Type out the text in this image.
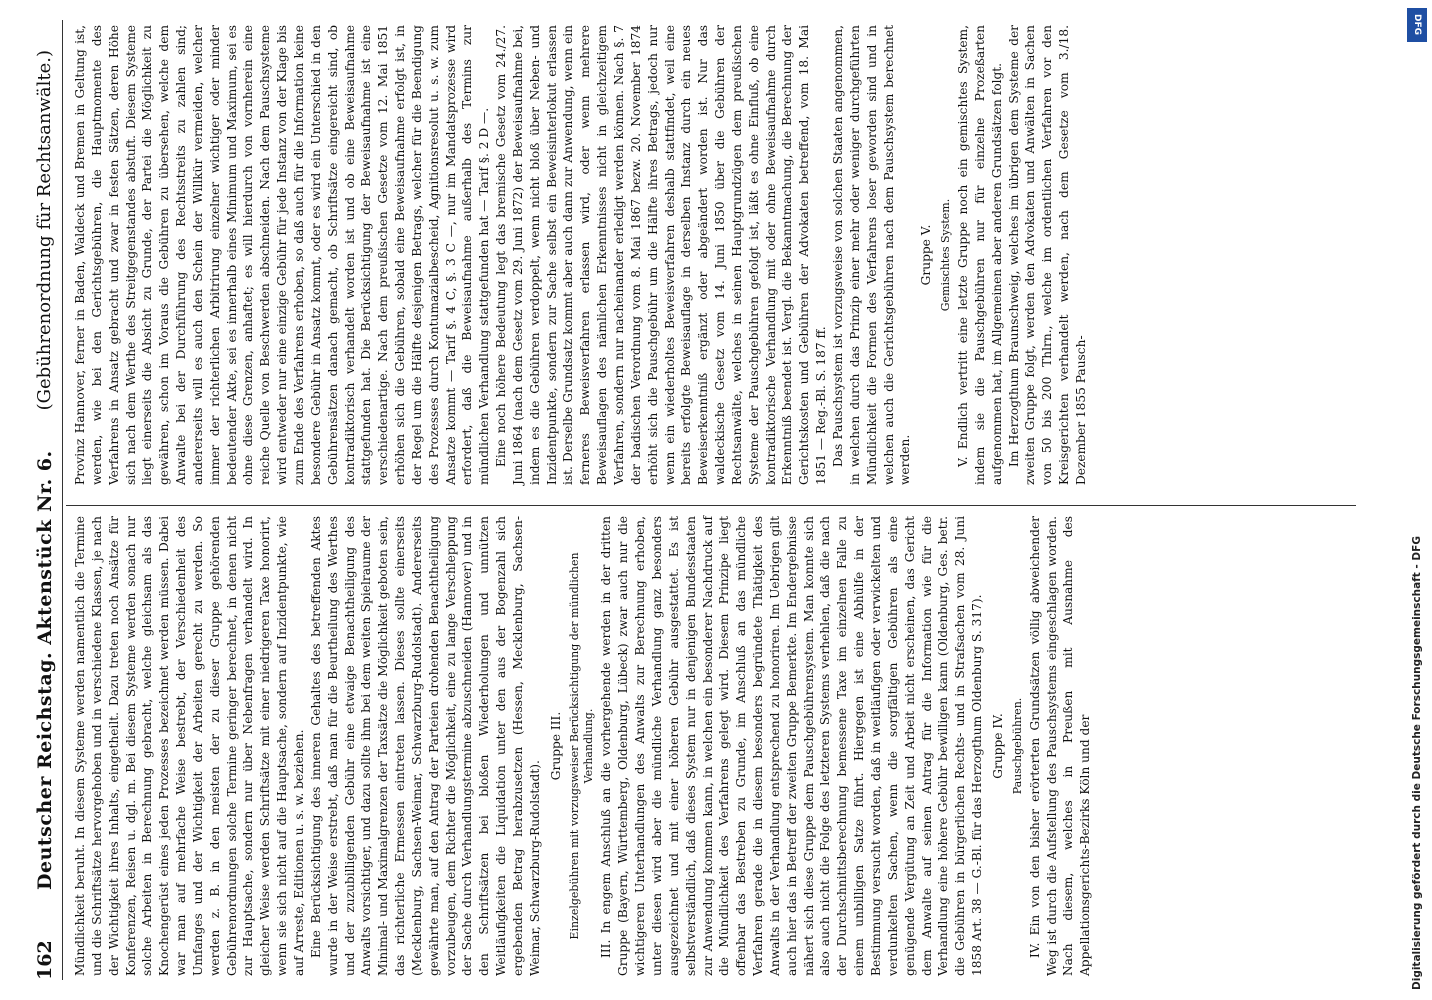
162
Deutscher Reichstag. Aktenstück Nr. 6.
(Gebührenordnung für Rechtsanwälte.)

Mündlichkeit beruht. In diesem Systeme werden namentlich die Termine und die Schriftsätze hervorgehoben und in verschiedene Klassen, je nach der Wichtigkeit ihres Inhalts, eingetheilt. Dazu treten noch Ansätze für Konferenzen, Reisen u. dgl. m. Bei diesem Systeme werden sonach nur solche Arbeiten in Berechnung gebracht, welche gleichsam als das Knochengerüst eines jeden Prozesses bezeichnet werden müssen. Dabei war man auf mehrfache Weise bestrebt, der Verschiedenheit des Umfanges und der Wichtigkeit der Arbeiten gerecht zu werden. So werden z. B. in den meisten der zu dieser Gruppe gehörenden Gebührenordnungen solche Termine geringer berechnet, in denen nicht zur Hauptsache, sondern nur über Nebenfragen verhandelt wird. In gleicher Weise werden Schriftsätze mit einer niedrigeren Taxe honorirt, wenn sie sich nicht auf die Hauptsache, sondern auf Inzidentpunkte, wie auf Arreste, Editionen u. s. w. beziehen. Eine Berücksichtigung des inneren Gehaltes des betreffenden Aktes wurde in der Weise erstrebt, daß man für die Beurtheilung des Werthes und der zuzubilligenden Gebühr eine etwaige Benachtheiligung des Anwalts vorsichtiger, und dazu sollte ihm bei dem weiten Spielraume der Minimal- und Maximalgrenzen der Taxsätze die Möglichkeit geboten sein, das richterliche Ermessen eintreten lassen. Dieses sollte einerseits (Mecklenburg, Sachsen-Weimar, Schwarzburg-Rudolstadt). Andererseits gewährte man, auf den Antrag der Parteien drohenden Benachtheiligung vorzubeugen, dem Richter die Möglichkeit, eine zu lange Verschleppung der Sache durch Verhandlungstermine abzuschneiden (Hannover) und in den Schriftsätzen bei bloßen Wiederholungen und unnützen Weitläufigkeiten die Liquidation unter den aus der Bogenzahl sich ergebenden Betrag herabzusetzen (Hessen, Mecklenburg, Sachsen-Weimar, Schwarzburg-Rudolstadt).

Gruppe III. Einzelgebühren mit vorzugsweiser Berücksichtigung der mündlichen Verhandlung. III. In engem Anschluß an die vorhergehende werden in der dritten Gruppe (Bayern, Württemberg, Oldenburg, Lübeck) zwar auch nur die wichtigeren Unterhandlungen des Anwalts zur Berechnung erhoben, unter diesen wird aber die mündliche Verhandlung ganz besonders ausgezeichnet und mit einer höheren Gebühr ausgestattet. Es ist selbstverständlich, daß dieses System nur in denjenigen Bundesstaaten zur Anwendung kommen kann, in welchen ein besonderer Nachdruck auf die Mündlichkeit des Verfahrens gelegt wird. Diesem Prinzipe liegt offenbar das Bestreben zu Grunde, im Anschluß an das mündliche Verfahren gerade die in diesem besonders begründete Thätigkeit des Anwalts in der Verhandlung entsprechend zu honoriren. Im Uebrigen gilt auch hier das in Betreff der zweiten Gruppe Bemerkte. Im Endergebnisse nähert sich diese Gruppe dem Pauschgebührensystem. Man konnte sich also auch nicht die Folge des letzteren Systems verhehlen, daß die nach der Durchschnittsberechnung bemessene Taxe im einzelnen Falle zu einem unbilligen Satze führt. Hiergegen ist eine Abhülfe in der Bestimmung versucht worden, daß in weitläufigen oder verwickelten und verdunkelten Sachen, wenn die sorgfältigen Gebühren als eine genügende Vergütung an Zeit und Arbeit nicht erscheinen, das Gericht dem Anwalte auf seinen Antrag für die Information wie für die Verhandlung eine höhere Gebühr bewilligen kann (Oldenburg, Ges. betr. die Gebühren in bürgerlichen Rechts- und in Strafsachen vom 28. Juni 1858 Art. 38 — G.-Bl. für das Herzogthum Oldenburg S. 317). Gruppe IV. Pauschgebühren. IV. Ein von den bisher erörterten Grundsätzen völlig abweichender Weg ist durch die Aufstellung des Pauschsystems eingeschlagen worden. Nach diesem, welches in Preußen mit Ausnahme des Appellationsgerichts-Bezirks Köln und der

Provinz Hannover, ferner in Baden, Waldeck und Bremen in Geltung ist, werden, wie bei den Gerichtsgebühren, die Hauptmomente des Verfahrens in Ansatz gebracht und zwar in festen Sätzen, deren Höhe sich nach dem Werthe des Streitgegenstandes abstuft. Diesem Systeme liegt einerseits die Absicht zu Grunde, der Partei die Möglichkeit zu gewähren, schon im Voraus die Gebühren zu übersehen, welche dem Anwalte bei der Durchführung des Rechtsstreits zu zahlen sind; andererseits will es auch den Schein der Willkür vermeiden, welcher immer der richterlichen Arbitrirung einzelner wichtiger oder minder bedeutender Akte, sei es innerhalb eines Minimum und Maximum, sei es ohne diese Grenzen, anhaftet; es will hierdurch von vornherein eine reiche Quelle von Beschwerden abschneiden. Nach dem Pauschsysteme wird entweder nur eine einzige Gebühr für jede Instanz von der Klage bis zum Ende des Verfahrens erhoben, so daß auch für die Information keine besondere Gebühr in Ansatz kommt, oder es wird ein Unterschied in den Gebührensätzen danach gemacht, ob Schriftsätze eingereicht sind, ob kontradiktorisch verhandelt worden ist und ob eine Beweisaufnahme stattgefunden hat. Die Berücksichtigung der Beweisaufnahme ist eine verschiedenartige. Nach dem preußischen Gesetze vom 12. Mai 1851 erhöhen sich die Gebühren, sobald eine Beweisaufnahme erfolgt ist, in der Regel um die Hälfte desjenigen Betrags, welcher für die Beendigung des Prozesses durch Kontumazialbescheid, Agnitionsresolut u. s. w. zum Ansatze kommt — Tarif §. 4 C, §. 3 C —, nur im Mandatsprozesse wird erfordert, daß die Beweisaufnahme außerhalb des Termins zur mündlichen Verhandlung stattgefunden hat — Tarif §. 2 D —. Eine noch höhere Bedeutung legt das bremische Gesetz vom 24./27. Juni 1864 (nach dem Gesetz vom 29. Juni 1872) der Beweisaufnahme bei, indem es die Gebühren verdoppelt, wenn nicht bloß über Neben- und Inzidentpunkte, sondern zur Sache selbst ein Beweisinterlokut erlassen ist. Derselbe Grundsatz kommt aber auch dann zur Anwendung, wenn ein ferneres Beweisverfahren erlassen wird, oder wenn mehrere Beweisauflagen des nämlichen Erkenntnisses nicht in gleichzeitigem Verfahren, sondern nur nacheinander erledigt werden können. Nach §. 7 der badischen Verordnung vom 8. Mai 1867 bezw. 20. November 1874 erhöht sich die Pauschgebühr um die Hälfte ihres Betrags, jedoch nur wenn ein wiederholtes Beweisverfahren deshalb stattfindet, weil eine bereits erfolgte Beweisauflage in derselben Instanz durch ein neues Beweiserkenntniß ergänzt oder abgeändert worden ist. Nur das waldeckische Gesetz vom 14. Juni 1850 über die Gebühren der Rechtsanwälte, welches in seinen Hauptgrundzügen dem preußischen Systeme der Pauschgebühren gefolgt ist, läßt es ohne Einfluß, ob eine kontradiktorische Verhandlung mit oder ohne Beweisaufnahme durch Erkenntniß beendet ist. Vergl. die Bekanntmachung, die Berechnung der Gerichtskosten und Gebühren der Advokaten betreffend, vom 18. Mai 1851 — Reg.-Bl. S. 187 ff. Das Pauschsystem ist vorzugsweise von solchen Staaten angenommen, in welchen durch das Prinzip einer mehr oder weniger durchgeführten Mündlichkeit die Formen des Verfahrens loser geworden sind und in welchen auch die Gerichtsgebühren nach dem Pauschsystem berechnet werden.

Gruppe V. Gemischtes System. V. Endlich vertritt eine letzte Gruppe noch ein gemischtes System, indem sie die Pauschgebühren nur für einzelne Prozeßarten aufgenommen hat, im Allgemeinen aber anderen Grundsätzen folgt. Im Herzogthum Braunschweig, welches im übrigen dem Systeme der zweiten Gruppe folgt, werden den Advokaten und Anwälten in Sachen von 50 bis 200 Thlrn., welche im ordentlichen Verfahren vor den Kreisgerichten verhandelt werden, nach dem Gesetze vom 3./18. Dezember 1855 Pausch-

DFG
Digitalisierung gefördert durch die Deutsche Forschungsgemeinschaft - DFG
